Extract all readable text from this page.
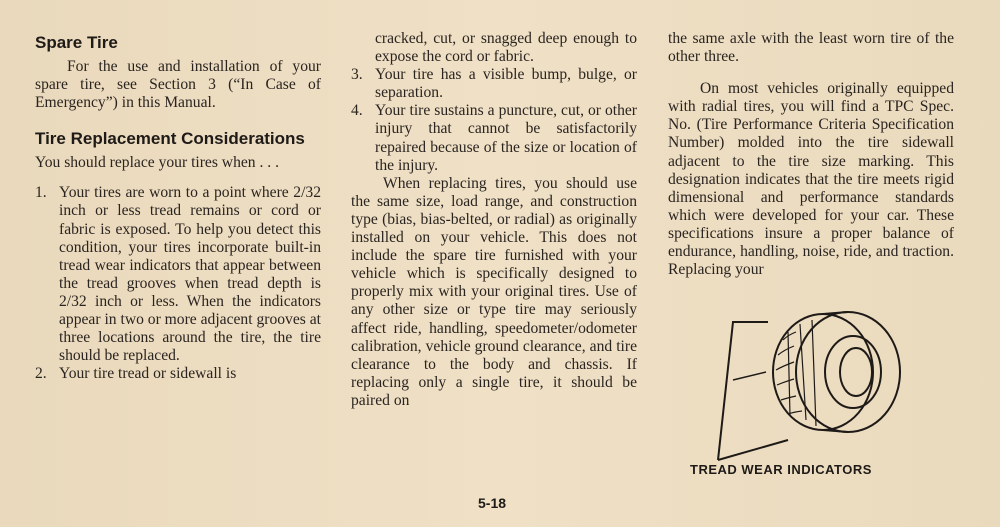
Spare Tire

For the use and installation of your spare tire, see Section 3 (“In Case of Emergency”) in this Manual.

Tire Replacement Considerations

You should replace your tires when . . .

1. Your tires are worn to a point where 2/32 inch or less tread remains or cord or fabric is exposed. To help you detect this condition, your tires incorporate built-in tread wear indicators that appear between the tread grooves when tread depth is 2/32 inch or less. When the indicators appear in two or more adjacent grooves at three locations around the tire, the tire should be replaced.
2. Your tire tread or sidewall is

cracked, cut, or snagged deep enough to expose the cord or fabric.

3. Your tire has a visible bump, bulge, or separation.
4. Your tire sustains a puncture, cut, or other injury that cannot be satisfactorily repaired because of the size or location of the injury.

When replacing tires, you should use the same size, load range, and construction type (bias, bias-belted, or radial) as originally installed on your vehicle. This does not include the spare tire furnished with your vehicle which is specifically designed to properly mix with your original tires. Use of any other size or type tire may seriously affect ride, handling, speedometer/odometer calibration, vehicle ground clearance, and tire clearance to the body and chassis. If replacing only a single tire, it should be paired on

the same axle with the least worn tire of the other three.

On most vehicles originally equipped with radial tires, you will find a TPC Spec. No. (Tire Performance Criteria Specification Number) molded into the tire sidewall adjacent to the tire size marking. This designation indicates that the tire meets rigid dimensional and performance standards which were developed for your car. These specifications insure a proper balance of endurance, handling, noise, ride, and traction. Replacing your

TREAD WEAR INDICATORS
5-18
